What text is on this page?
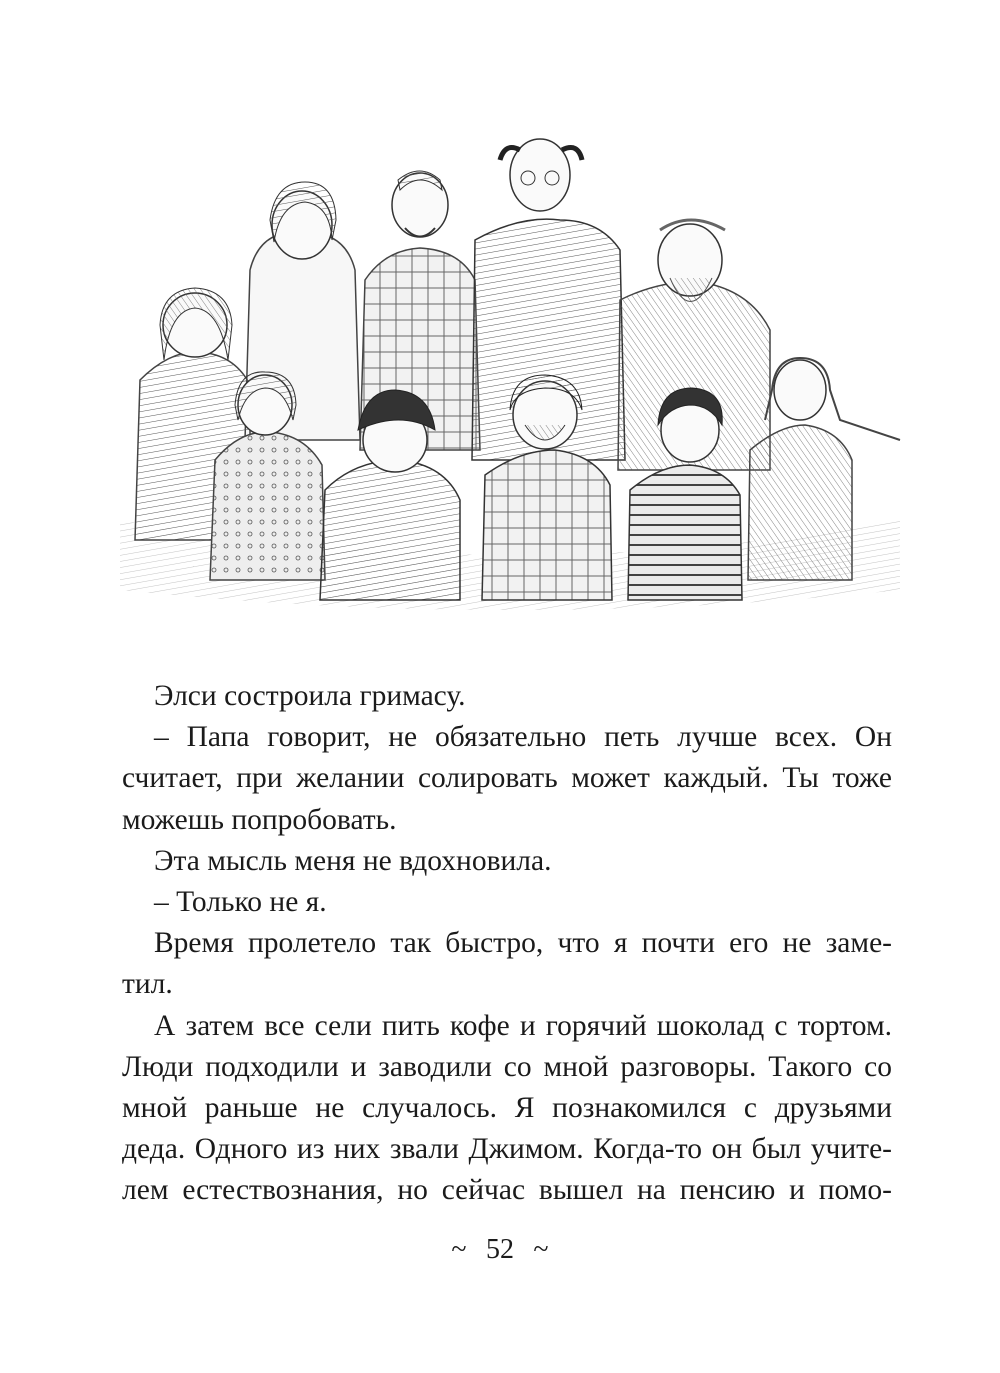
Элси состроила гримасу.
– Папа говорит, не обязательно петь лучше всех. Он
считает, при желании солировать может каждый. Ты тоже
можешь попробовать.
Эта мысль меня не вдохновила.
– Только не я.
Время пролетело так быстро, что я почти его не заме-
тил.
А затем все сели пить кофе и горячий шоколад с тортом.
Люди подходили и заводили со мной разговоры. Такого со
мной раньше не случалось. Я познакомился с друзьями
деда. Одного из них звали Джимом. Когда-то он был учите-
лем естествознания, но сейчас вышел на пенсию и помо-
~ 52 ~
